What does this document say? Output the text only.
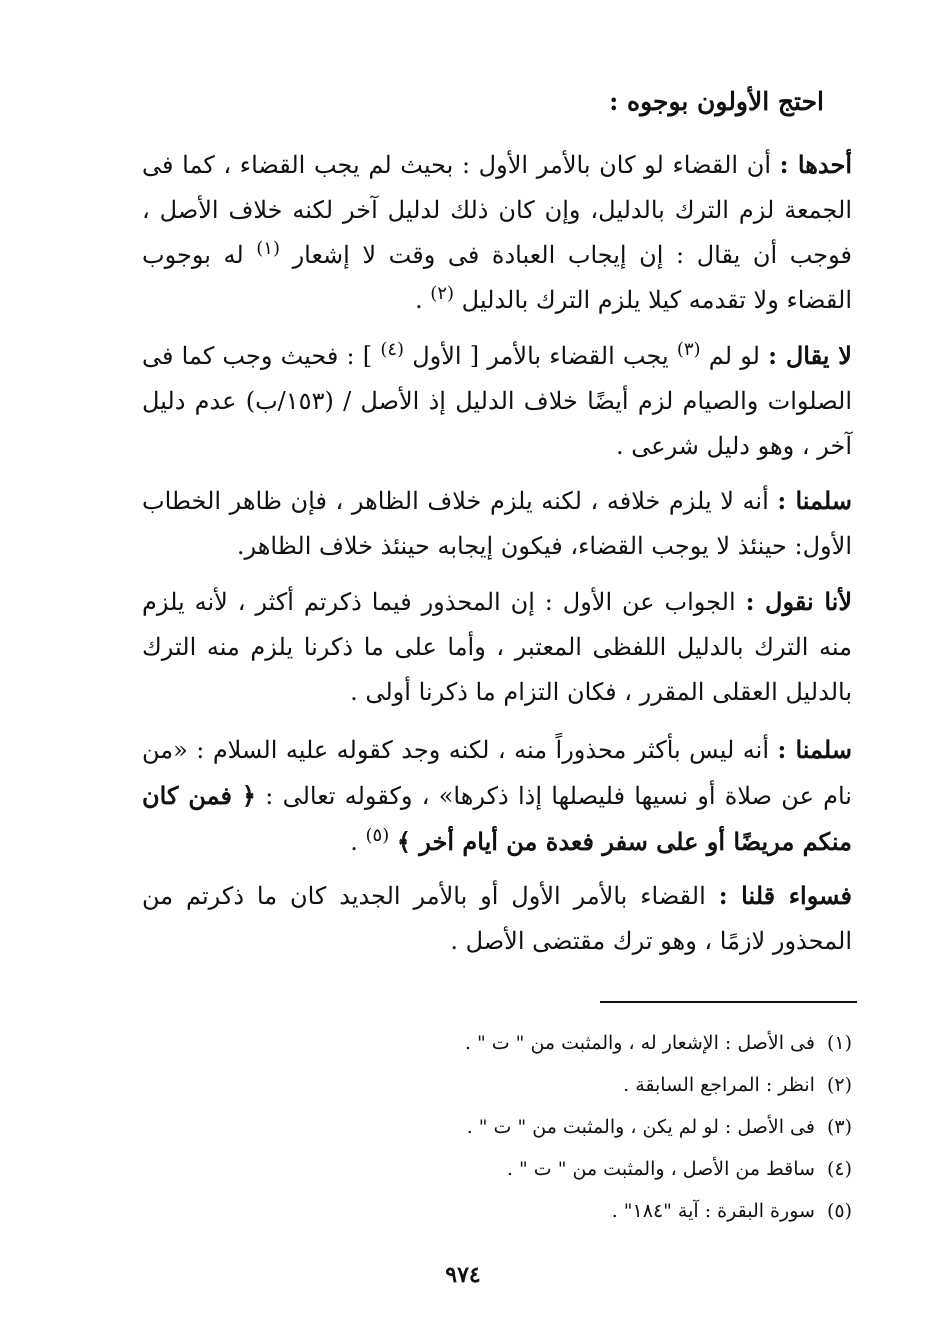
احتج الأولون بوجوه :
أحدها : أن القضاء لو كان بالأمر الأول : بحيث لم يجب القضاء ، كما فى الجمعة لزم الترك بالدليل، وإن كان ذلك لدليل آخر لكنه خلاف الأصل ، فوجب أن يقال : إن إيجاب العبادة فى وقت لا إشعار $^{(١)}$ له بوجوب القضاء ولا تقدمه كيلا يلزم الترك بالدليل $^{(٢)}$ .
لا يقال : لو لم $^{(٣)}$ يجب القضاء بالأمر [ الأول $^{(٤)}$ ] : فحيث وجب كما فى الصلوات والصيام لزم أيضًا خلاف الدليل إذ الأصل / (١٥٣/ب) عدم دليل آخر ، وهو دليل شرعى .
سلمنا : أنه لا يلزم خلافه ، لكنه يلزم خلاف الظاهر ، فإن ظاهر الخطاب الأول: حينئذ لا يوجب القضاء، فيكون إيجابه حينئذ خلاف الظاهر.
لأنا نقول : الجواب عن الأول : إن المحذور فيما ذكرتم أكثر ، لأنه يلزم منه الترك بالدليل اللفظى المعتبر ، وأما على ما ذكرنا يلزم منه الترك بالدليل العقلى المقرر ، فكان التزام ما ذكرنا أولى .
سلمنا : أنه ليس بأكثر محذوراً منه ، لكنه وجد كقوله عليه السلام : «من نام عن صلاة أو نسيها فليصلها إذا ذكرها» ، وكقوله تعالى : ﴿ فمن كان منكم مريضًا أو على سفر فعدة من أيام أخر ﴾ $^{(٥)}$ .
فسواء قلنا : القضاء بالأمر الأول أو بالأمر الجديد كان ما ذكرتم من المحذور لازمًا ، وهو ترك مقتضى الأصل .
(١)فى الأصل : الإشعار له ، والمثبت من " ت " .
(٢)انظر : المراجع السابقة .
(٣)فى الأصل : لو لم يكن ، والمثبت من " ت " .
(٤)ساقط من الأصل ، والمثبت من " ت " .
(٥)سورة البقرة : آية "١٨٤" .
٩٧٤
